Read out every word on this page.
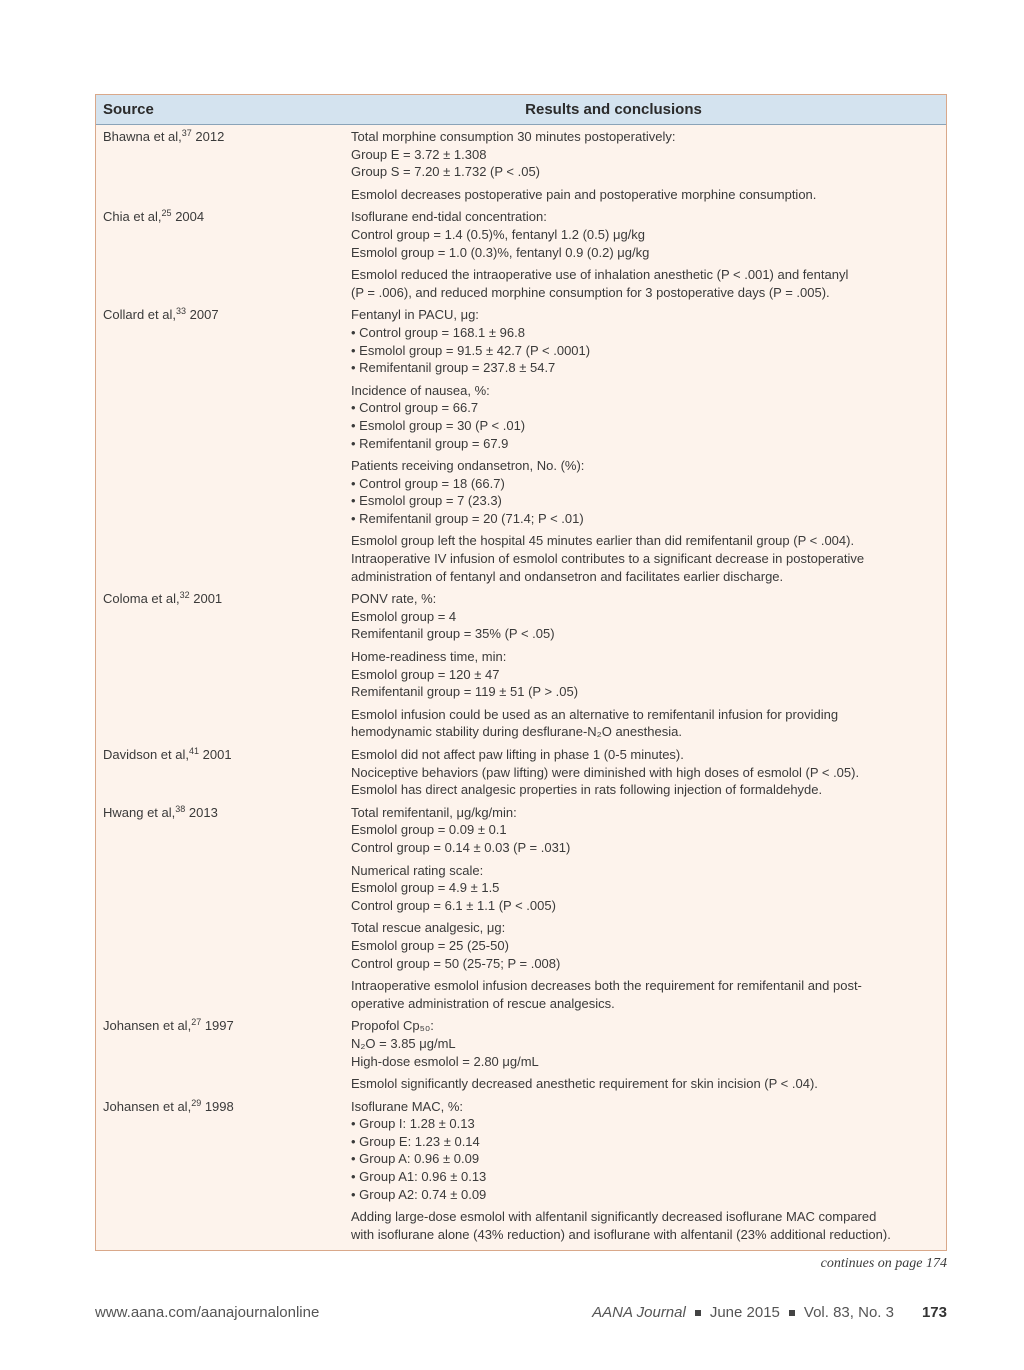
Source	Results and conclusions
Bhawna et al,$^{37}$ 2012	Total morphine consumption 30 minutes postoperatively:
Group E = 3.72 ± 1.308
Group S = 7.20 ± 1.732 (P < .05)
Esmolol decreases postoperative pain and postoperative morphine consumption.
Chia et al,$^{25}$ 2004	Isoflurane end-tidal concentration:
Control group = 1.4 (0.5)%, fentanyl 1.2 (0.5) μg/kg
Esmolol group = 1.0 (0.3)%, fentanyl 0.9 (0.2) μg/kg
Esmolol reduced the intraoperative use of inhalation anesthetic (P < .001) and fentanyl
(P = .006), and reduced morphine consumption for 3 postoperative days (P = .005).
Collard et al,$^{33}$ 2007	Fentanyl in PACU, μg:
• Control group = 168.1 ± 96.8
• Esmolol group = 91.5 ± 42.7 (P < .0001)
• Remifentanil group = 237.8 ± 54.7
Incidence of nausea, %:
• Control group = 66.7
• Esmolol group = 30 (P < .01)
• Remifentanil group = 67.9
Patients receiving ondansetron, No. (%):
• Control group = 18 (66.7)
• Esmolol group = 7 (23.3)
• Remifentanil group = 20 (71.4; P < .01)
Esmolol group left the hospital 45 minutes earlier than did remifentanil group (P < .004).
Intraoperative IV infusion of esmolol contributes to a significant decrease in postoperative
administration of fentanyl and ondansetron and facilitates earlier discharge.
Coloma et al,$^{32}$ 2001	PONV rate, %:
Esmolol group = 4
Remifentanil group = 35% (P < .05)
Home-readiness time, min:
Esmolol group = 120 ± 47
Remifentanil group = 119 ± 51 (P > .05)
Esmolol infusion could be used as an alternative to remifentanil infusion for providing
hemodynamic stability during desflurane-N₂O anesthesia.
Davidson et al,$^{41}$ 2001	Esmolol did not affect paw lifting in phase 1 (0-5 minutes).
Nociceptive behaviors (paw lifting) were diminished with high doses of esmolol (P < .05).
Esmolol has direct analgesic properties in rats following injection of formaldehyde.
Hwang et al,$^{38}$ 2013	Total remifentanil, μg/kg/min:
Esmolol group = 0.09 ± 0.1
Control group = 0.14 ± 0.03 (P = .031)
Numerical rating scale:
Esmolol group = 4.9 ± 1.5
Control group = 6.1 ± 1.1 (P < .005)
Total rescue analgesic, μg:
Esmolol group = 25 (25-50)
Control group = 50 (25-75; P = .008)
Intraoperative esmolol infusion decreases both the requirement for remifentanil and post-
operative administration of rescue analgesics.
Johansen et al,$^{27}$ 1997	Propofol Cp₅₀:
N₂O = 3.85 μg/mL
High-dose esmolol = 2.80 μg/mL
Esmolol significantly decreased anesthetic requirement for skin incision (P < .04).
Johansen et al,$^{29}$ 1998	Isoflurane MAC, %:
• Group I: 1.28 ± 0.13
• Group E: 1.23 ± 0.14
• Group A: 0.96 ± 0.09
• Group A1: 0.96 ± 0.13
• Group A2: 0.74 ± 0.09
Adding large-dose esmolol with alfentanil significantly decreased isoflurane MAC compared
with isoflurane alone (43% reduction) and isoflurane with alfentanil (23% additional reduction).
continues on page 174
www.aana.com/aanajournalonline	AANA Journal June 2015 Vol. 83, No. 3 173
